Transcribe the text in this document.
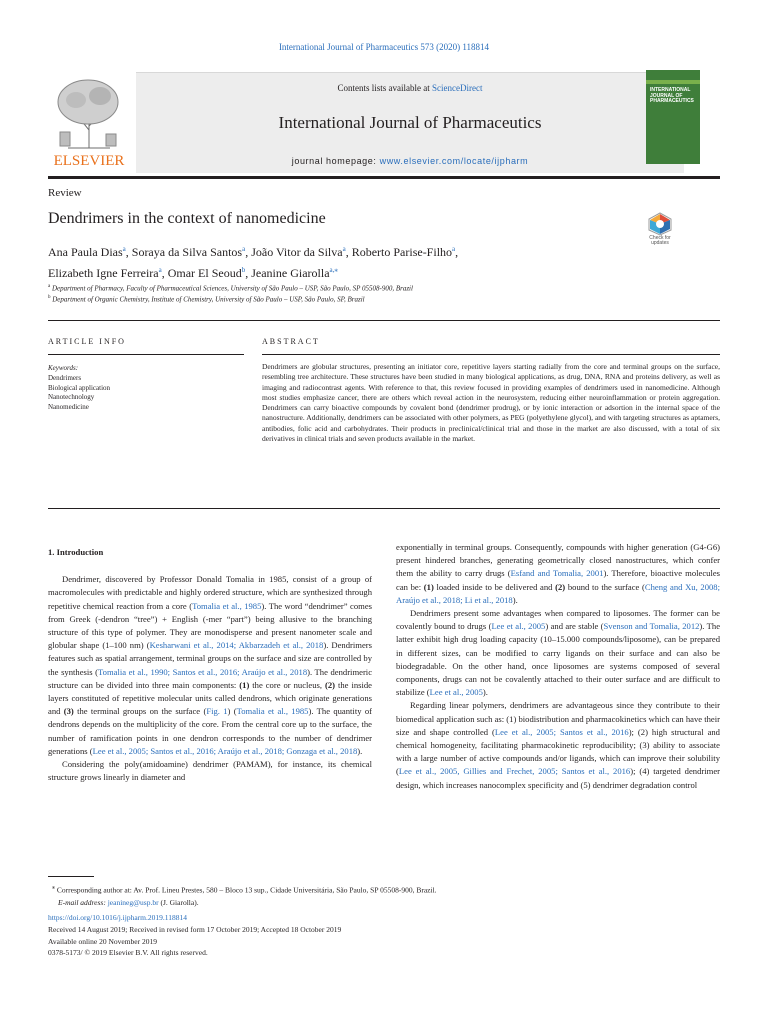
International Journal of Pharmaceutics 573 (2020) 118814
ELSEVIER
Contents lists available at ScienceDirect
International Journal of Pharmaceutics
journal homepage: www.elsevier.com/locate/ijpharm
INTERNATIONAL JOURNAL OF PHARMACEUTICS
Review
Dendrimers in the context of nanomedicine
Check for updates
Ana Paula Dias$^a$, Soraya da Silva Santos$^a$, João Vitor da Silva$^a$, Roberto Parise-Filho$^a$,
Elizabeth Igne Ferreira$^a$, Omar El Seoud$^b$, Jeanine Giarolla$^{a,⁎}$
$^a$ Department of Pharmacy, Faculty of Pharmaceutical Sciences, University of São Paulo – USP, São Paulo, SP 05508-900, Brazil
$^b$ Department of Organic Chemistry, Institute of Chemistry, University of São Paulo – USP, São Paulo, SP, Brazil
ARTICLE INFO	ABSTRACT
Keywords:
Dendrimers
Biological application
Nanotechnology
Nanomedicine
Dendrimers are globular structures, presenting an initiator core, repetitive layers starting radially from the core and terminal groups on the surface, resembling tree architecture. These structures have been studied in many biological applications, as drug, DNA, RNA and proteins delivery, as well as imaging and radiocontrast agents. With reference to that, this review focused in providing examples of dendrimers used in nanomedicine. Although most studies emphasize cancer, there are others which reveal action in the neurosystem, reducing either neuroinflammation or protein aggregation. Dendrimers can carry bioactive compounds by covalent bond (dendrimer prodrug), or by ionic interaction or adsortion in the internal space of the nanostructure. Additionally, dendrimers can be associated with other polymers, as PEG (polyethylene glycol), and with targeting structures as aptamers, antibodies, folic acid and carbohydrates. Their products in preclinical/clinical trial and those in the market are also discussed, with a total of six derivatives in clinical trials and seven products available in the market.

1. Introduction

Dendrimer, discovered by Professor Donald Tomalia in 1985, consist of a group of macromolecules with predictable and highly ordered structure, which are synthesized through repetitive chemical reaction from a core (Tomalia et al., 1985). The word “dendrimer” comes from Greek (-dendron “tree”) + English (-mer “part”) being allusive to the branching structure of this type of polymer. They are monodisperse and present nanometer scale and globular shape (1–100 nm) (Kesharwani et al., 2014; Akbarzadeh et al., 2018). Dendrimers features such as spatial arrangement, terminal groups on the surface and size are controlled by the synthesis (Tomalia et al., 1990; Santos et al., 2016; Araújo et al., 2018). The dendrimeric structure can be divided into three main components: (1) the core or nucleus, (2) the inside layers constituted of repetitive molecular units called dendrons, which originate generations and (3) the terminal groups on the surface (Fig. 1) (Tomalia et al., 1985). The quantity of dendrons depends on the multiplicity of the core. From the central core up to the surface, the number of ramification points in one dendron corresponds to the number of dendrimer generations (Lee et al., 2005; Santos et al., 2016; Araújo et al., 2018; Gonzaga et al., 2018).

Considering the poly(amidoamine) dendrimer (PAMAM), for instance, its chemical structure grows linearly in diameter and

exponentially in terminal groups. Consequently, compounds with higher generation (G4-G6) present hindered branches, generating geometrically closed nanostructures, which confer them the ability to carry drugs (Esfand and Tomalia, 2001). Therefore, bioactive molecules can be: (1) loaded inside to be delivered and (2) bound to the surface (Cheng and Xu, 2008; Araújo et al., 2018; Li et al., 2018).

Dendrimers present some advantages when compared to liposomes. The former can be covalently bound to drugs (Lee et al., 2005) and are stable (Svenson and Tomalia, 2012). The latter exhibit high drug loading capacity (10–15.000 compounds/liposome), can be prepared in different sizes, can be modified to carry ligands on their surface and can also be biodegradable. On the other hand, once liposomes are systems composed of several components, drugs can not be covalently attached to their outer surface and are difficult to stabilize (Lee et al., 2005).

Regarding linear polymers, dendrimers are advantageous since they contribute to their biomedical application such as: (1) biodistribution and pharmacokinetics which can have their size and shape controlled (Lee et al., 2005; Santos et al., 2016); (2) high structural and chemical homogeneity, facilitating pharmacokinetic reproducibility; (3) ability to associate with a large number of active compounds and/or ligands, which can improve their solubility (Lee et al., 2005, Gillies and Frechet, 2005; Santos et al., 2016); (4) targeted dendrimer design, which increases nanocomplex specificity and (5) dendrimer degradation control

⁎ Corresponding author at: Av. Prof. Lineu Prestes, 580 – Bloco 13 sup., Cidade Universitária, São Paulo, SP 05508-900, Brazil.
E-mail address: jeanineg@usp.br (J. Giarolla).
https://doi.org/10.1016/j.ijpharm.2019.118814
Received 14 August 2019; Received in revised form 17 October 2019; Accepted 18 October 2019
Available online 20 November 2019
0378-5173/ © 2019 Elsevier B.V. All rights reserved.
